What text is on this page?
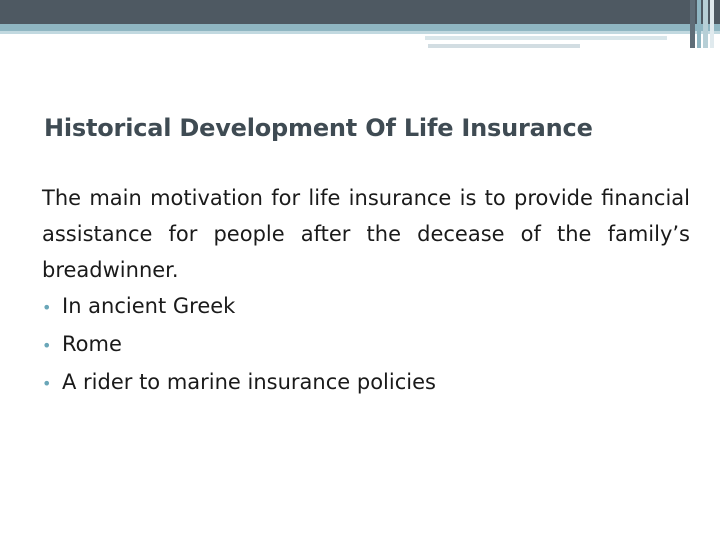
Historical Development Of Life Insurance

The main motivation for life insurance is to provide financial assistance for people after the decease of the family’s breadwinner.

• In ancient Greek
• Rome
• A rider to marine insurance policies
